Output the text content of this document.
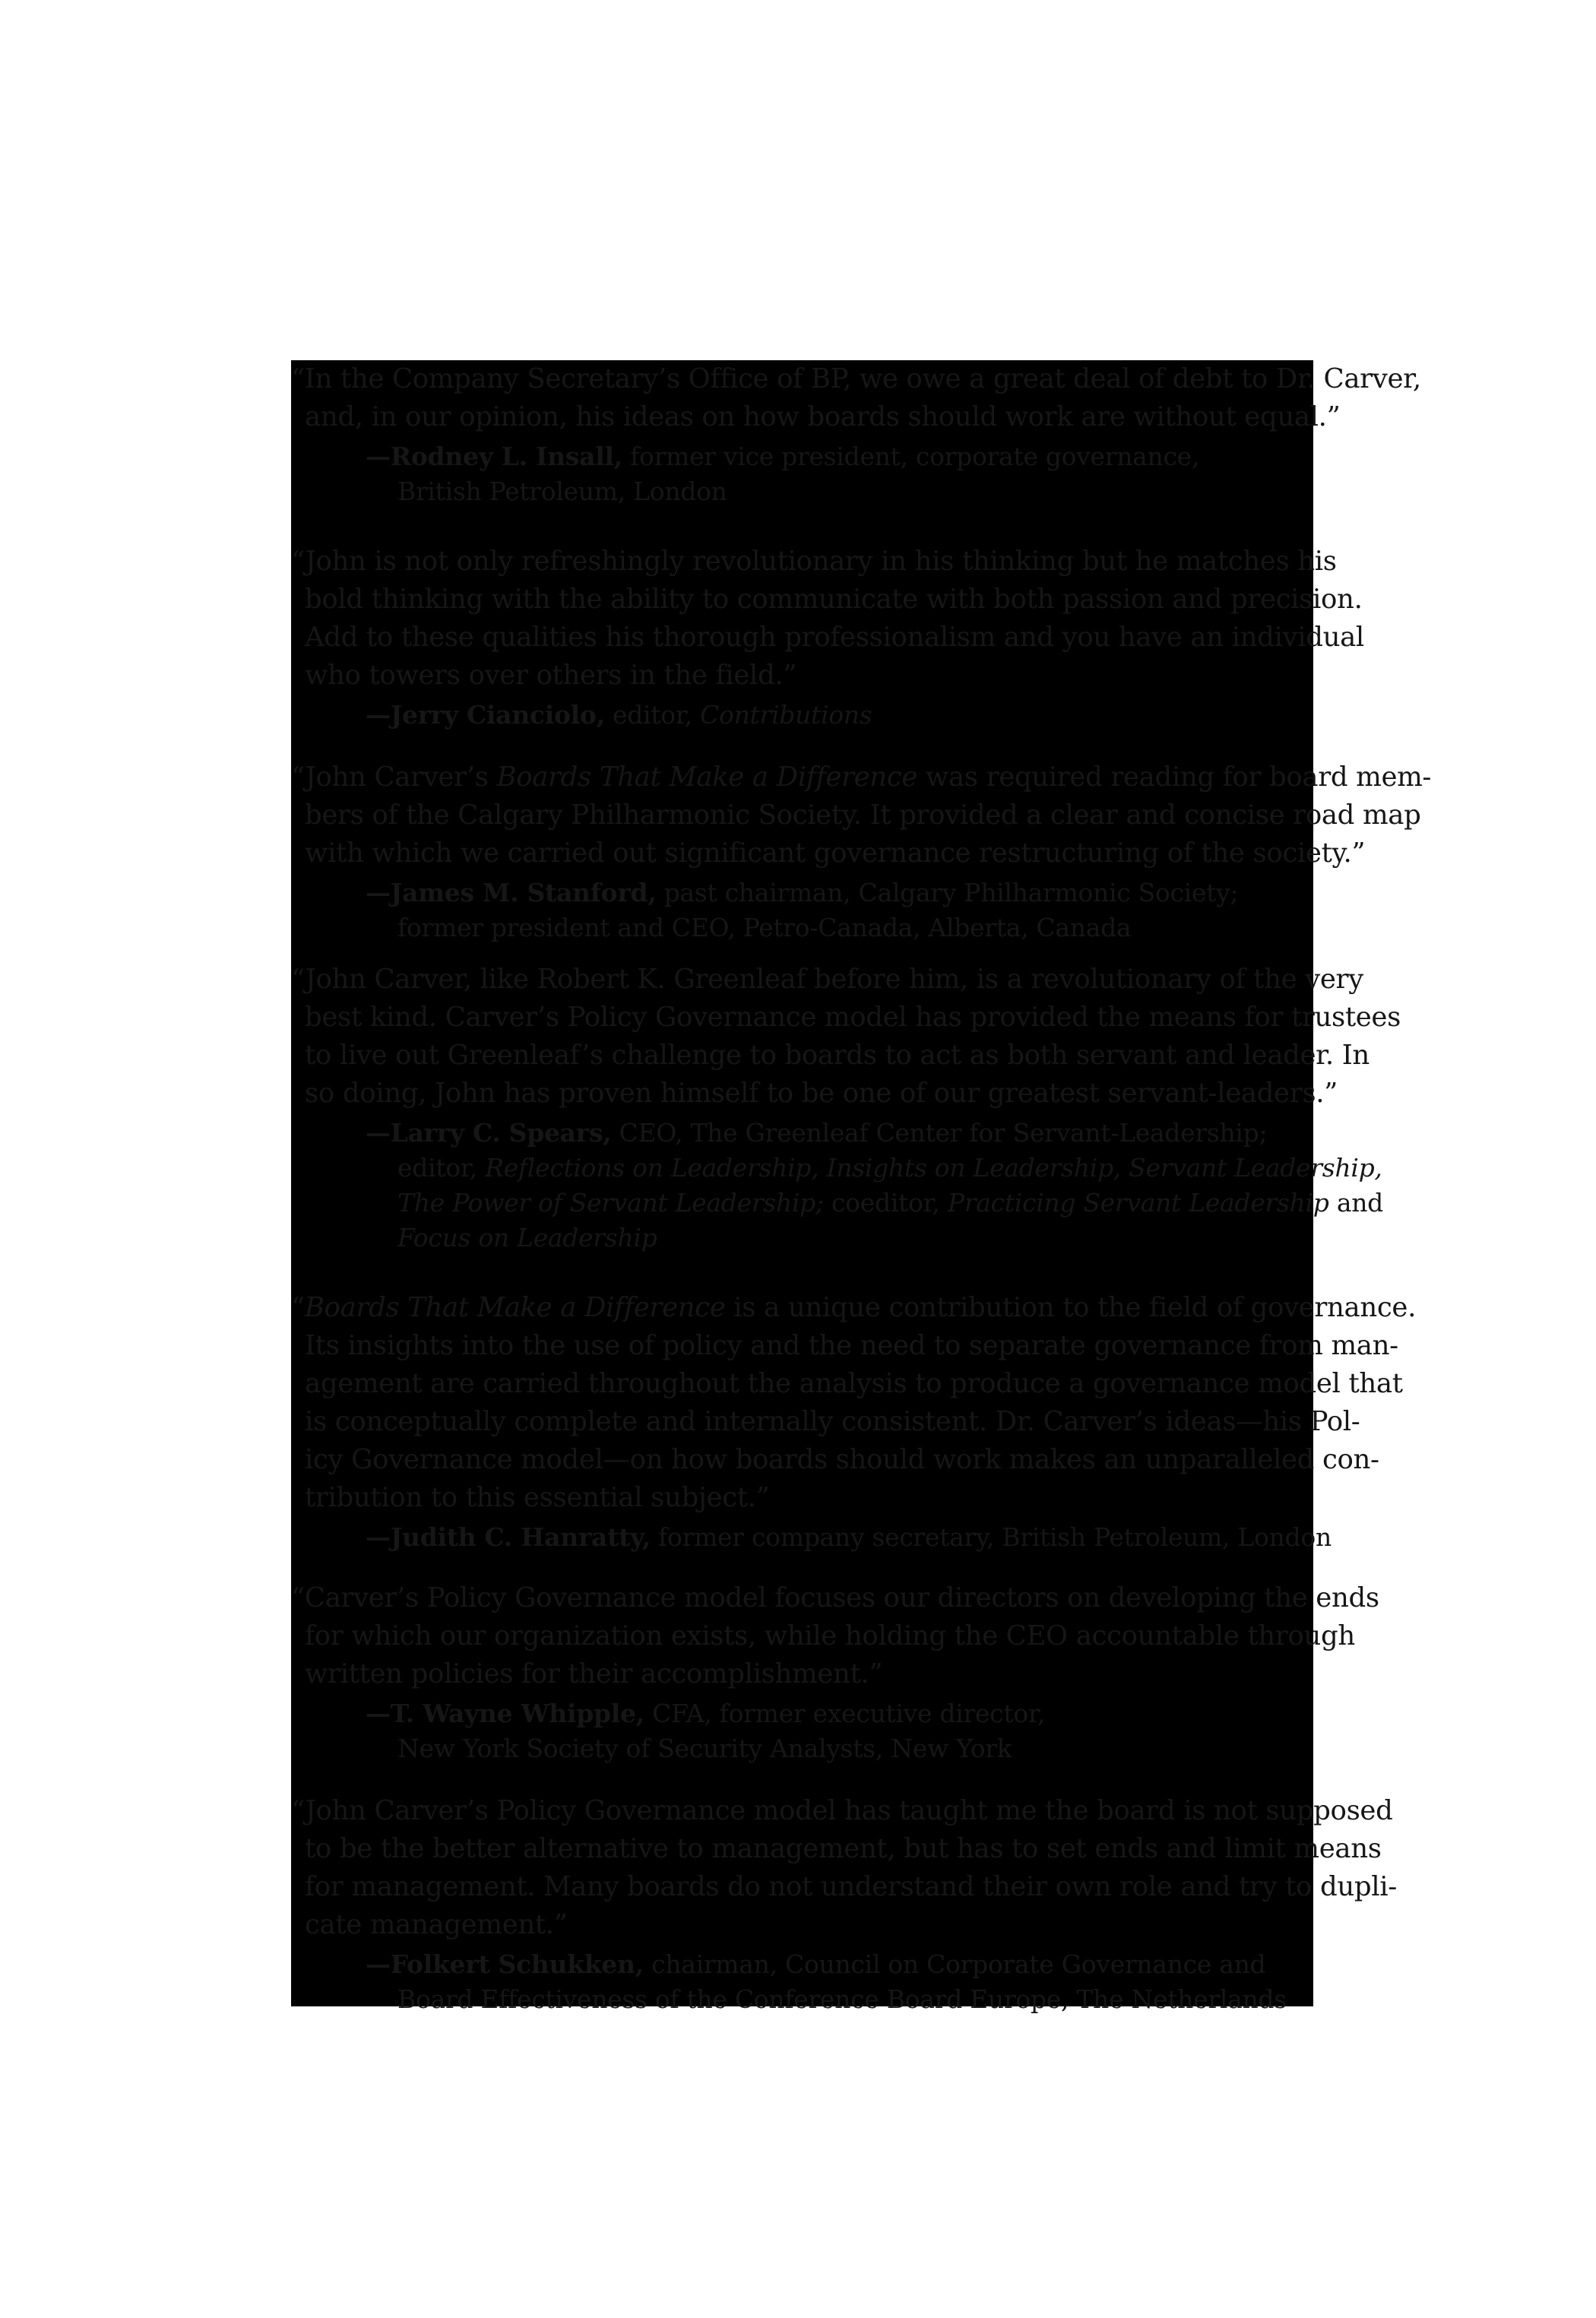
“In the Company Secretary’s Office of BP, we owe a great deal of debt to Dr. Carver,
and, in our opinion, his ideas on how boards should work are without equal.”
—Rodney L. Insall, former vice president, corporate governance,
British Petroleum, London
“John is not only refreshingly revolutionary in his thinking but he matches his
bold thinking with the ability to communicate with both passion and precision.
Add to these qualities his thorough professionalism and you have an individual
who towers over others in the field.”
—Jerry Cianciolo, editor, Contributions
“John Carver’s Boards That Make a Difference was required reading for board mem-
bers of the Calgary Philharmonic Society. It provided a clear and concise road map
with which we carried out significant governance restructuring of the society.”
—James M. Stanford, past chairman, Calgary Philharmonic Society;
former president and CEO, Petro-Canada, Alberta, Canada
“John Carver, like Robert K. Greenleaf before him, is a revolutionary of the very
best kind. Carver’s Policy Governance model has provided the means for trustees
to live out Greenleaf’s challenge to boards to act as both servant and leader. In
so doing, John has proven himself to be one of our greatest servant-leaders.”
—Larry C. Spears, CEO, The Greenleaf Center for Servant-Leadership;
editor, Reflections on Leadership, Insights on Leadership, Servant Leadership,
The Power of Servant Leadership; coeditor, Practicing Servant Leadership and
Focus on Leadership
“Boards That Make a Difference is a unique contribution to the field of governance.
Its insights into the use of policy and the need to separate governance from man-
agement are carried throughout the analysis to produce a governance model that
is conceptually complete and internally consistent. Dr. Carver’s ideas—his Pol-
icy Governance model—on how boards should work makes an unparalleled con-
tribution to this essential subject.”
—Judith C. Hanratty, former company secretary, British Petroleum, London
“Carver’s Policy Governance model focuses our directors on developing the ends
for which our organization exists, while holding the CEO accountable through
written policies for their accomplishment.”
—T. Wayne Whipple, CFA, former executive director,
New York Society of Security Analysts, New York
“John Carver’s Policy Governance model has taught me the board is not supposed
to be the better alternative to management, but has to set ends and limit means
for management. Many boards do not understand their own role and try to dupli-
cate management.”
—Folkert Schukken, chairman, Council on Corporate Governance and
Board Effectiveness of the Conference Board Europe, The Netherlands
